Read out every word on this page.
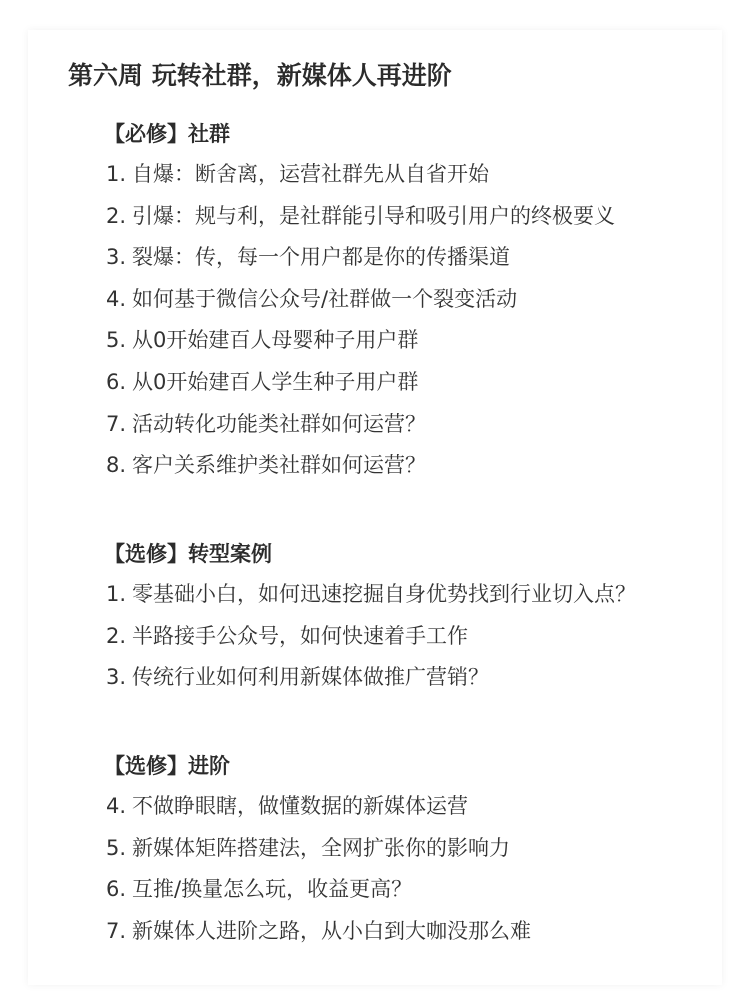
第六周 玩转社群，新媒体人再进阶
【必修】社群
1. 自爆：断舍离，运营社群先从自省开始
2. 引爆：规与利，是社群能引导和吸引用户的终极要义
3. 裂爆：传，每一个用户都是你的传播渠道
4. 如何基于微信公众号/社群做一个裂变活动
5. 从0开始建百人母婴种子用户群
6. 从0开始建百人学生种子用户群
7. 活动转化功能类社群如何运营？
8. 客户关系维护类社群如何运营？
【选修】转型案例
1. 零基础小白，如何迅速挖掘自身优势找到行业切入点？
2. 半路接手公众号，如何快速着手工作
3. 传统行业如何利用新媒体做推广营销？
【选修】进阶
4. 不做睁眼瞎，做懂数据的新媒体运营
5. 新媒体矩阵搭建法，全网扩张你的影响力
6. 互推/换量怎么玩，收益更高？
7. 新媒体人进阶之路，从小白到大咖没那么难
